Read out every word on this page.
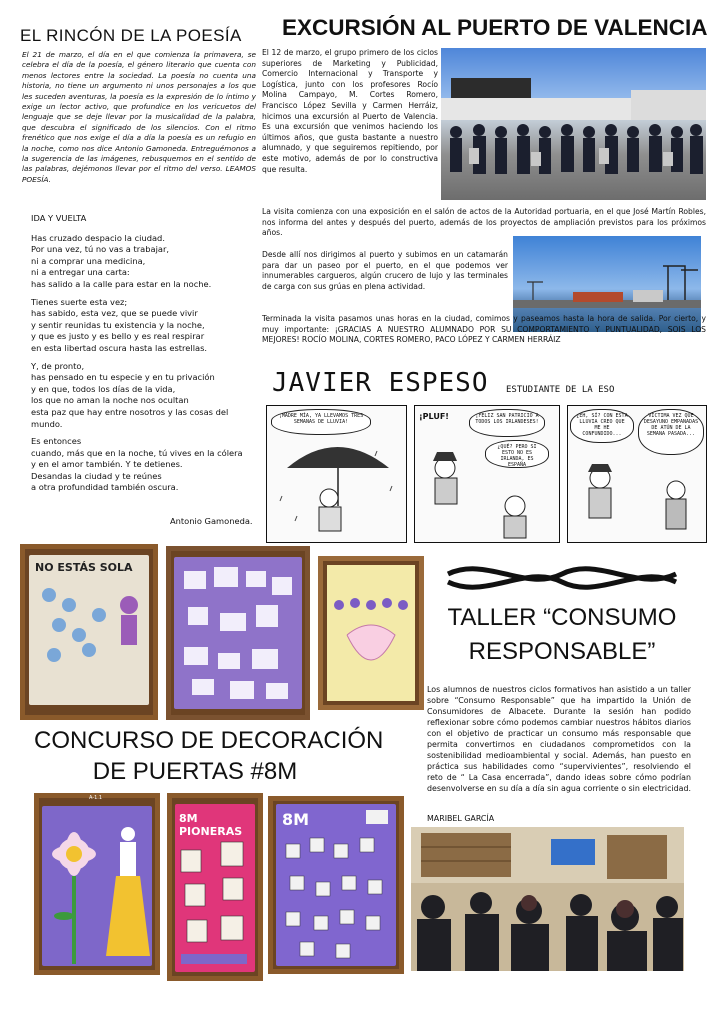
EL RINCÓN DE LA POESÍA
El 21 de marzo, el día en el que comienza la primavera, se celebra el día de la poesía, el género literario que cuenta con menos lectores entre la sociedad. La poesía no cuenta una historia, no tiene un argumento ni unos personajes a los que les suceden aventuras, la poesía es la expresión de lo íntimo y exige un lector activo, que profundice en los vericuetos del lenguaje que se deje llevar por la musicalidad de la palabra, que descubra el significado de los silencios. Con el ritmo frenético que nos exige el día a día la poesía es un refugio en la noche, como nos dice Antonio Gamoneda. Entreguémonos a la sugerencia de las imágenes, rebusquemos en el sentido de las palabras, dejémonos llevar por el ritmo del verso. LEAMOS POESÍA.

IDA Y VUELTA

Has cruzado despacio la ciudad.
Por una vez, tú no vas a trabajar,
ni a comprar una medicina,
ni a entregar una carta:
has salido a la calle para estar en la noche.

Tienes suerte esta vez;
has sabido, esta vez, que se puede vivir
y sentir reunidas tu existencia y la noche,
y que es justo y es bello y es real respirar
en esta libertad oscura hasta las estrellas.

Y, de pronto,
has pensado en tu especie y en tu privación
y en que, todos los días de la vida,
los que no aman la noche nos ocultan
esta paz que hay entre nosotros y las cosas del mundo.

Es entonces
cuando, más que en la noche, tú vives en la cólera
y en el amor también. Y te detienes.
Desandas la ciudad y te reúnes
a otra profundidad también oscura.

Antonio Gamoneda.
EXCURSIÓN AL PUERTO DE VALENCIA
El 12 de marzo, el grupo primero de los ciclos superiores de Marketing y Publicidad, Comercio Internacional y Transporte y Logística, junto con los profesores Rocío Molina Campayo, M. Cortes Romero, Francisco López Sevilla y Carmen Herráiz, hicimos una excursión al Puerto de Valencia. Es una excursión que venimos haciendo los últimos años, que gusta bastante a nuestro alumnado, y que seguiremos repitiendo, por este motivo, además de por lo constructiva que resulta.
La visita comienza con una exposición en el salón de actos de la Autoridad portuaria, en el que José Martín Robles, nos informa del antes y después del puerto, además de los proyectos de ampliación previstos para los próximos años.
Desde allí nos dirigimos al puerto y subimos en un catamarán para dar un paseo por el puerto, en el que podemos ver innumerables cargueros, algún crucero de lujo y las terminales de carga con sus grúas en plena actividad.
Terminada la visita pasamos unas horas en la ciudad, comimos y paseamos hasta la hora de salida. Por cierto, y muy importante: ¡GRACIAS A NUESTRO ALUMNADO POR SU COMPORTAMIENTO Y PUNTUALIDAD, SOIS LOS MEJORES! ROCÍO MOLINA, CORTES ROMERO, PACO LÓPEZ Y CARMEN HERRÁIZ
JAVIER ESPESO ESTUDIANTE DE LA ESO
¡MADRE MÍA, YA LLEVAMOS TRES SEMANAS DE LLUVIA!
¡FELIZ SAN PATRICIO A TODOS LOS IRLANDESES!
¿QUÉ? PERO SI ESTO NO ES IRLANDA, ES ESPAÑA
¡PLUF!	¿EH, SÍ? CON ESTA LLUVIA CREO QUE ME HE CONFUNDIDO...
VÍCTIMA VEZ QUE DESAYUNO EMPANADAS DE ATÚN DE LA SEMANA PASADA...
NO ESTÁS SOLA
TALLER “CONSUMO
RESPONSABLE”
Los alumnos de nuestros ciclos formativos han asistido a un taller sobre “Consumo Responsable” que ha impartido la Unión de Consumidores de Albacete. Durante la sesión han podido reflexionar sobre cómo podemos cambiar nuestros hábitos diarios con el objetivo de practicar un consumo más responsable que permita convertirnos en ciudadanos comprometidos con la sostenibilidad medioambiental y social. Además, han puesto en práctica sus habilidades como “supervivientes”, resolviendo el reto de “ La Casa encerrada”, dando ideas sobre cómo podrían desenvolverse en su día a día sin agua corriente o sin electricidad.
MARIBEL GARCÍA
CONCURSO DE DECORACIÓN
DE PUERTAS #8M
A-1.1
8M PIONERAS
8M
